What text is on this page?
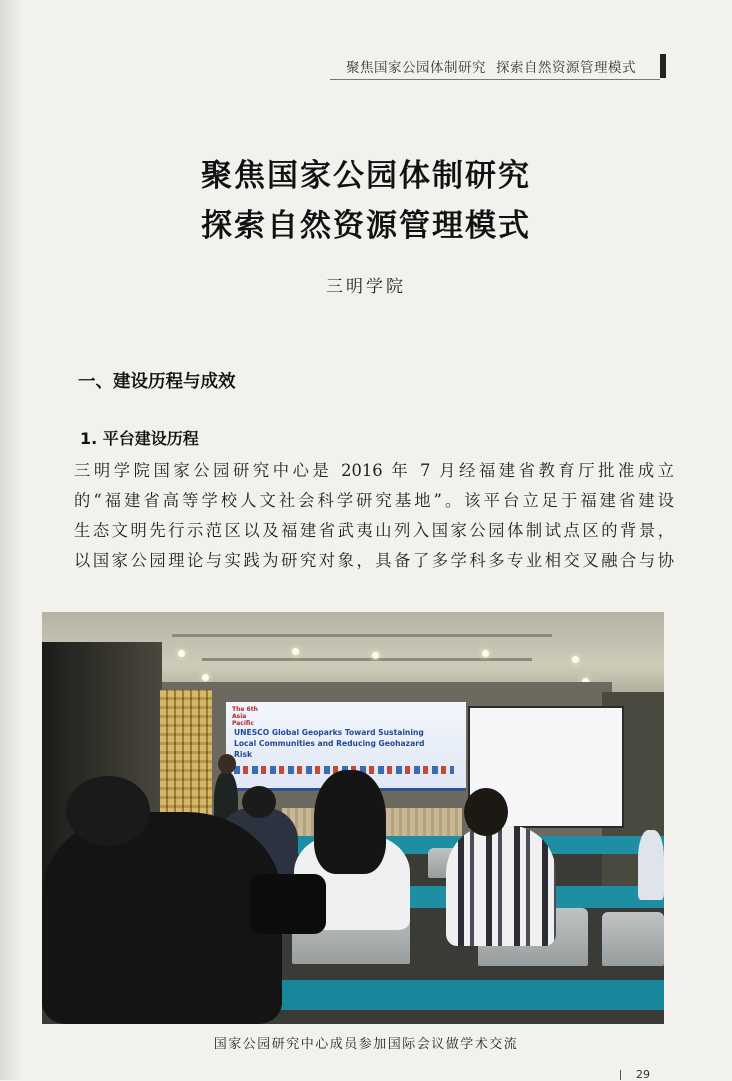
聚焦国家公园体制研究 探索自然资源管理模式
聚焦国家公园体制研究
探索自然资源管理模式
三明学院
一、建设历程与成效
1. 平台建设历程
三明学院国家公园研究中心是 2016 年 7 月经福建省教育厅批准成立
的“福建省高等学校人文社会科学研究基地”。该平台立足于福建省建设
生态文明先行示范区以及福建省武夷山列入国家公园体制试点区的背景，
以国家公园理论与实践为研究对象，具备了多学科多专业相交叉融合与协
The 6th Asia Pacific
UNESCO Global Geoparks Toward Sustaining
Local Communities and Reducing Geohazard
Risk
国家公园研究中心成员参加国际会议做学术交流
29
